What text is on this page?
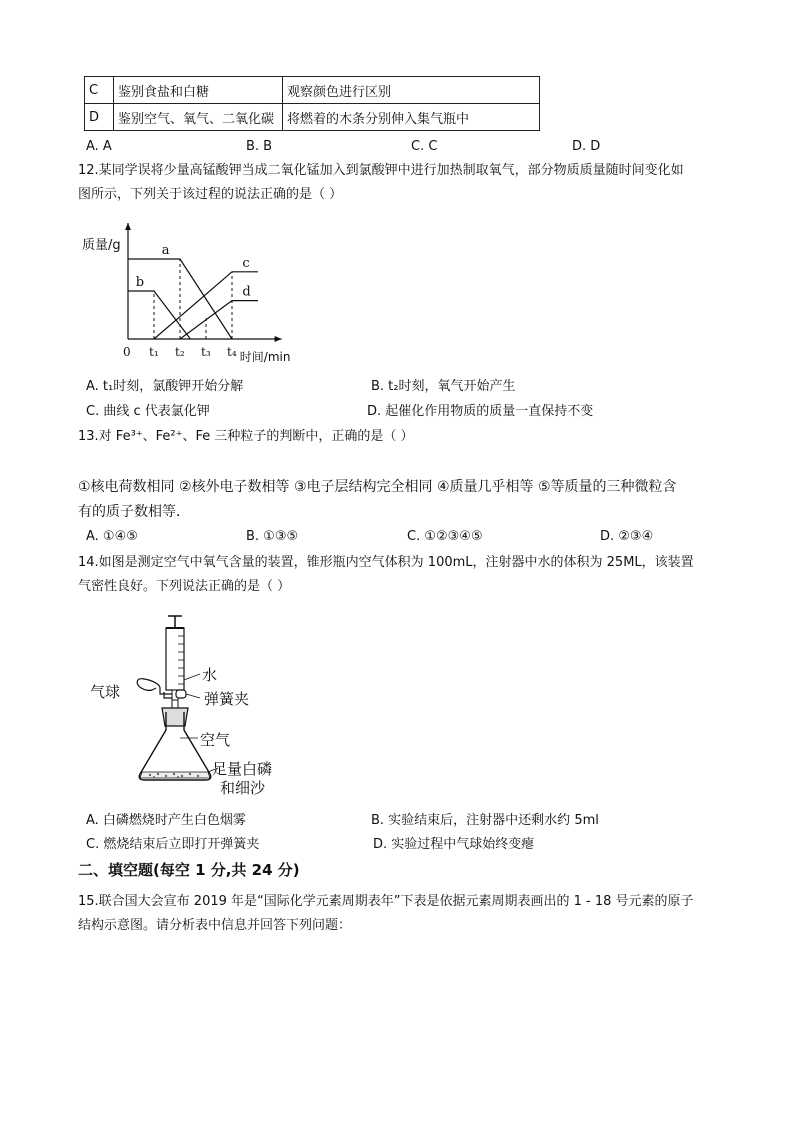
C	鉴别食盐和白糖	观察颜色进行区别
D	鉴别空气、氧气、二氧化碳	将燃着的木条分别伸入集气瓶中
A. A	B. B	C. C	D. D
12.某同学误将少量高锰酸钾当成二氧化锰加入到氯酸钾中进行加热制取氧气，部分物质质量随时间变化如
图所示，下列关于该过程的说法正确的是（ ）
a
b
c
d
t₁ t₂ t₃ t₄
0
质量/g
时间/min
A. t₁时刻，氯酸钾开始分解	B. t₂时刻，氧气开始产生
C. 曲线 c 代表氯化钾	D. 起催化作用物质的质量一直保持不变
13.对 Fe³⁺、Fe²⁺、Fe 三种粒子的判断中，正确的是（ ）
①核电荷数相同 ②核外电子数相等 ③电子层结构完全相同 ④质量几乎相等 ⑤等质量的三种微粒含
有的质子数相等．
A. ①④⑤	B. ①③⑤	C. ①②③④⑤	D. ②③④
14.如图是测定空气中氧气含量的装置，锥形瓶内空气体积为 100mL，注射器中水的体积为 25ML，该装置
气密性良好。下列说法正确的是（ ）
水
气球	弹簧夹
空气
足量白磷
和细沙
A. 白磷燃烧时产生白色烟雾	B. 实验结束后，注射器中还剩水约 5ml
C. 燃烧结束后立即打开弹簧夹	D. 实验过程中气球始终变瘪
二、填空题(每空 1 分,共 24 分)
15.联合国大会宣布 2019 年是“国际化学元素周期表年”下表是依据元素周期表画出的 1 - 18 号元素的原子
结构示意图。请分析表中信息并回答下列问题：
